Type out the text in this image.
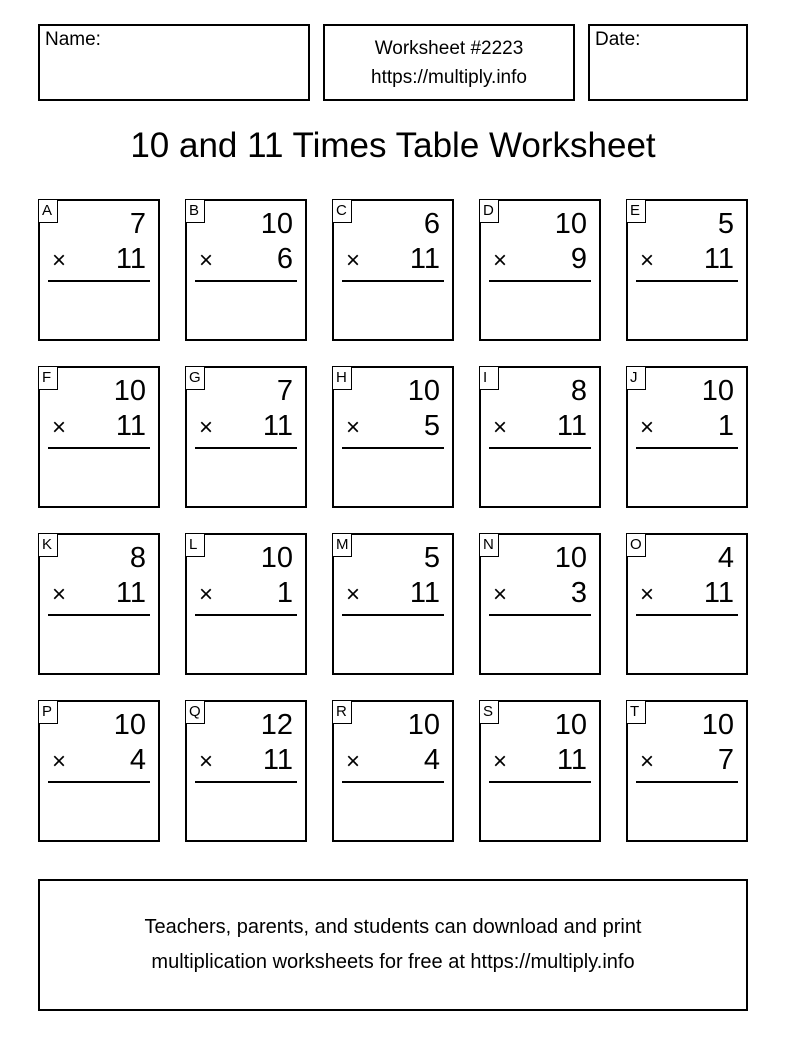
Name:	Worksheet #2223
https://multiply.info
Date:
10 and 11 Times Table Worksheet
A	7
× 11
B 10
× 6
C	6
× 11
D 10
× 9
E	5
× 11
F 10
× 11
G	7
× 11
H 10
× 5
I	8
× 11
J 10
× 1
K	8
× 11
L 10
× 1
M	5
× 11
N 10
× 3
O	4
× 11
P 10
× 4
Q 12
× 11
R 10
× 4
S 10
× 11
T 10
× 7
Teachers, parents, and students can download and print
multiplication worksheets for free at https://multiply.info
